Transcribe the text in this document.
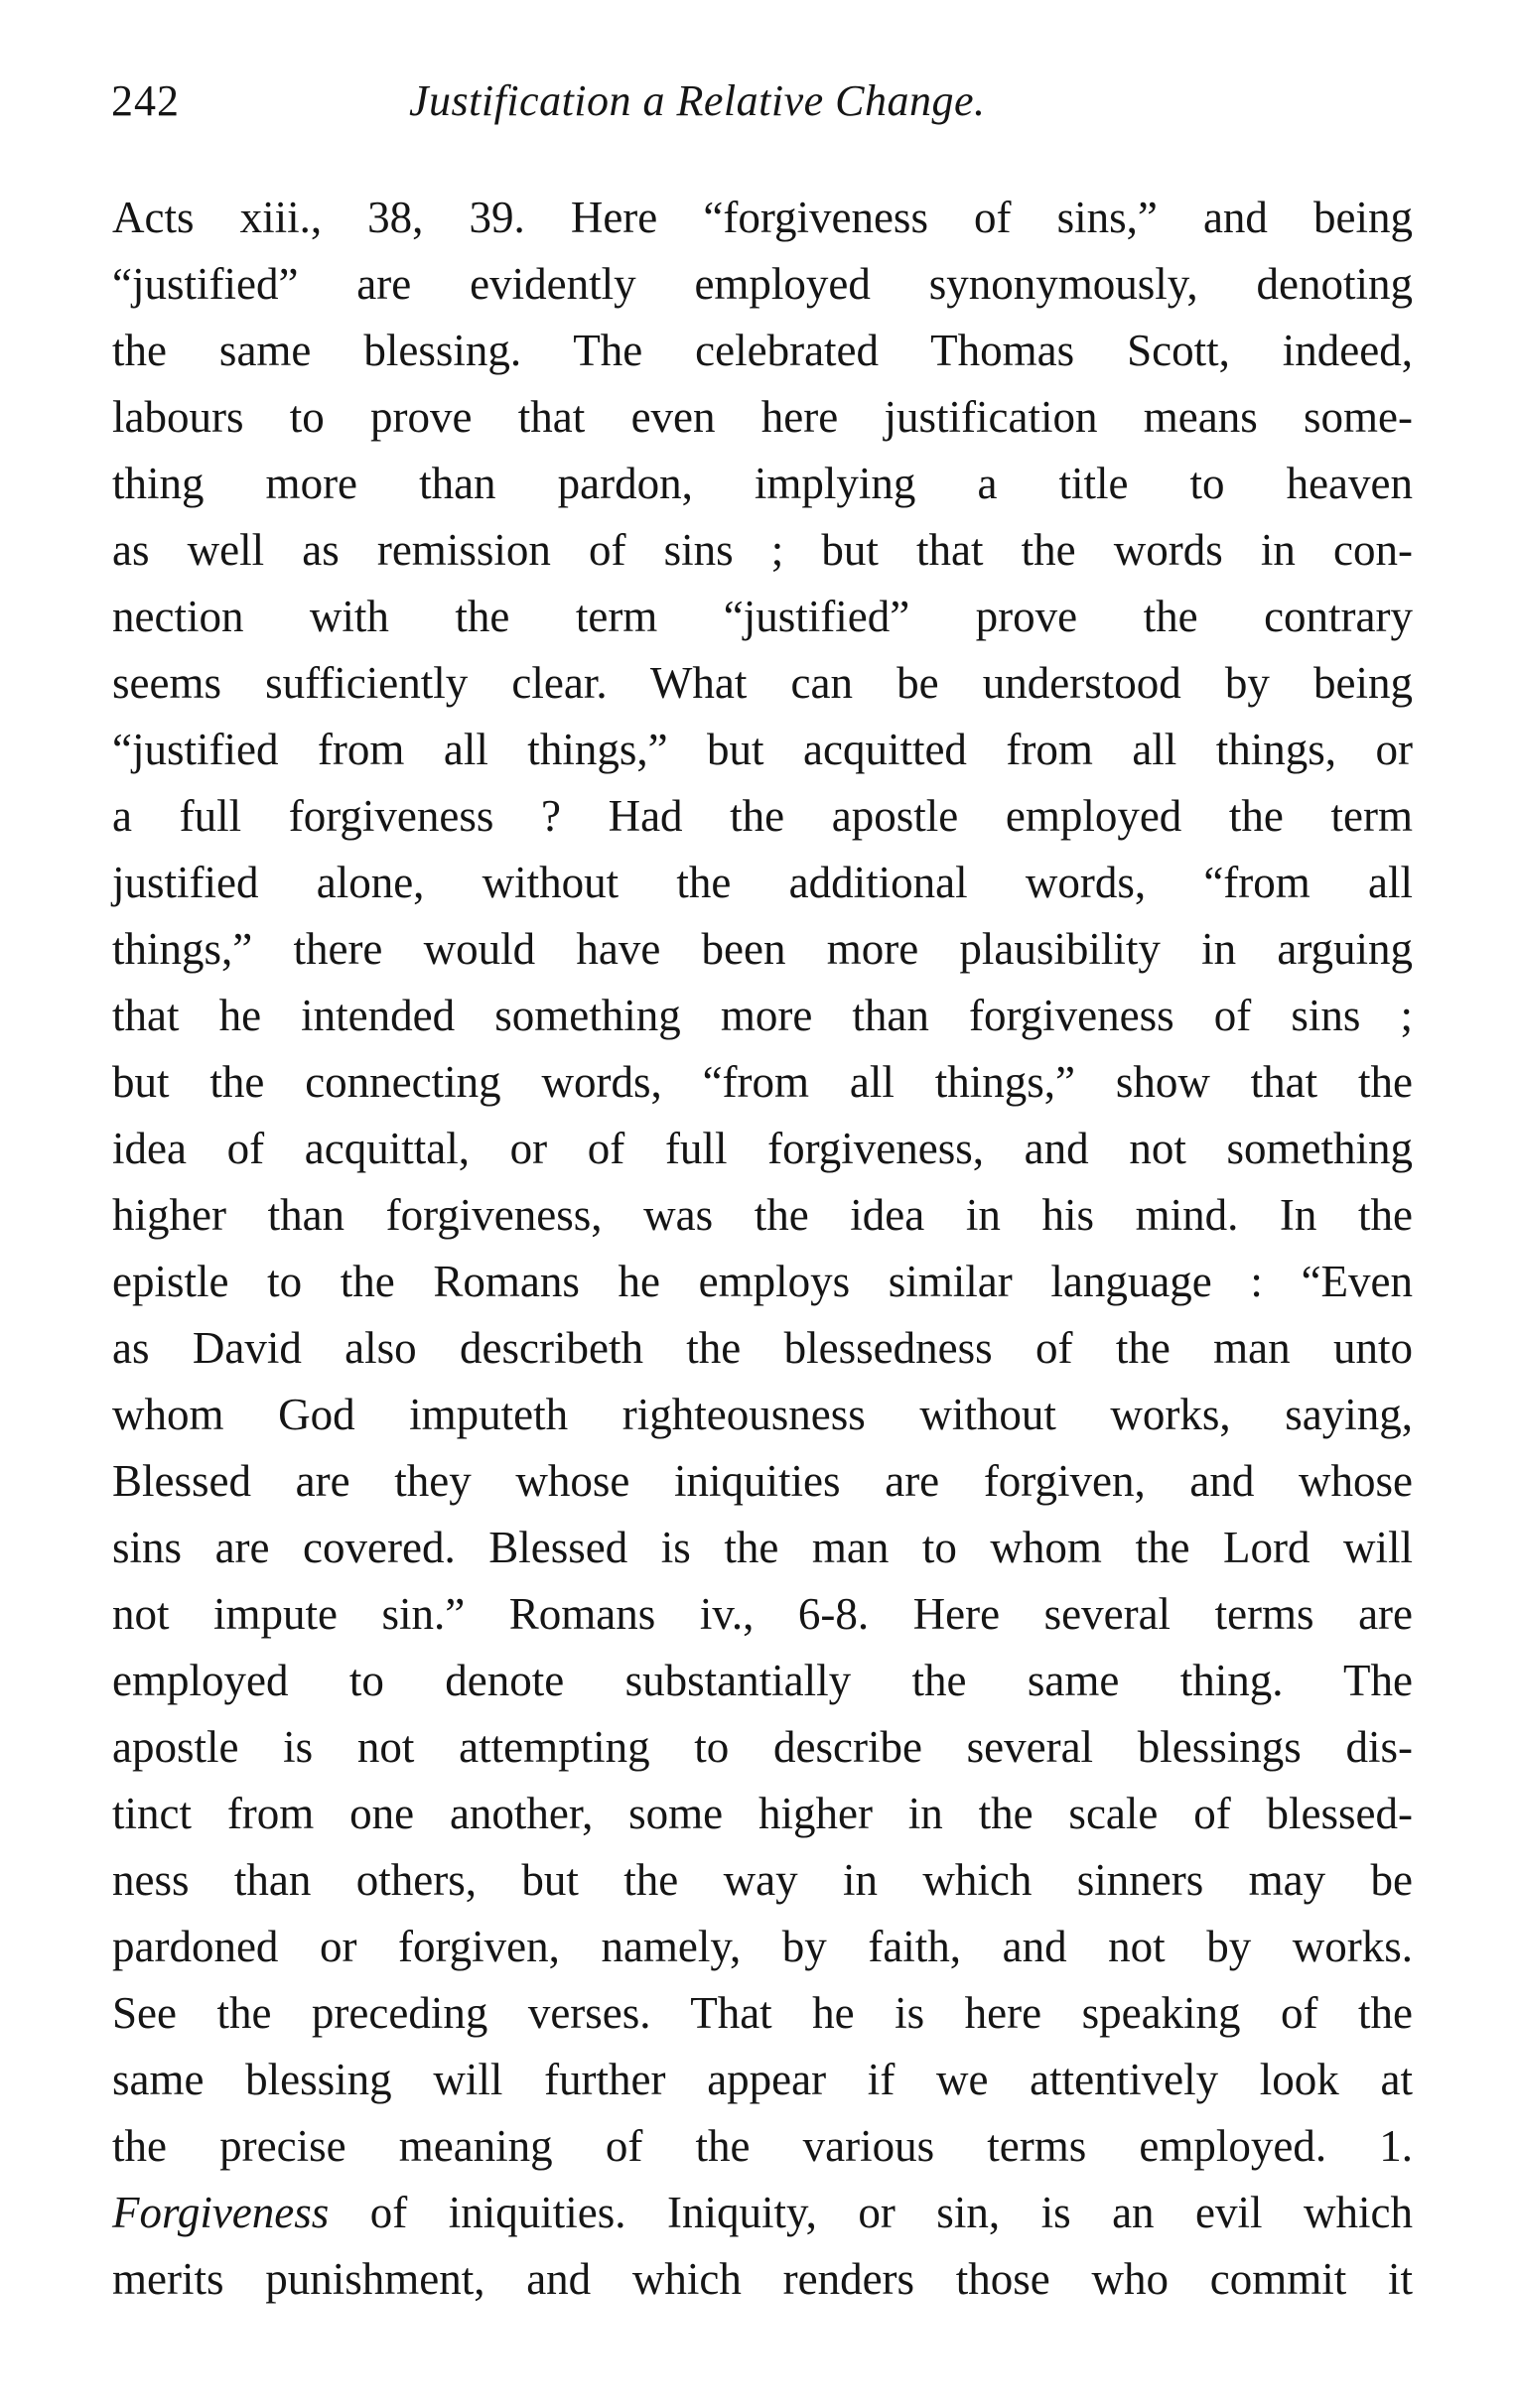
242	Justification a Relative Change.
Acts xiii., 38, 39. Here “forgiveness of sins,” and being
“justified” are evidently employed synonymously, denoting
the same blessing. The celebrated Thomas Scott, indeed,
labours to prove that even here justification means some-
thing more than pardon, implying a title to heaven
as well as remission of sins ; but that the words in con-
nection with the term “justified” prove the contrary
seems sufficiently clear. What can be understood by being
“justified from all things,” but acquitted from all things, or
a full forgiveness ? Had the apostle employed the term
justified alone, without the additional words, “from all
things,” there would have been more plausibility in arguing
that he intended something more than forgiveness of sins ;
but the connecting words, “from all things,” show that the
idea of acquittal, or of full forgiveness, and not something
higher than forgiveness, was the idea in his mind. In the
epistle to the Romans he employs similar language : “Even
as David also describeth the blessedness of the man unto
whom God imputeth righteousness without works, saying,
Blessed are they whose iniquities are forgiven, and whose
sins are covered. Blessed is the man to whom the Lord will
not impute sin.” Romans iv., 6-8. Here several terms are
employed to denote substantially the same thing. The
apostle is not attempting to describe several blessings dis-
tinct from one another, some higher in the scale of blessed-
ness than others, but the way in which sinners may be
pardoned or forgiven, namely, by faith, and not by works.
See the preceding verses. That he is here speaking of the
same blessing will further appear if we attentively look at
the precise meaning of the various terms employed. 1.
Forgiveness of iniquities. Iniquity, or sin, is an evil which
merits punishment, and which renders those who commit it
